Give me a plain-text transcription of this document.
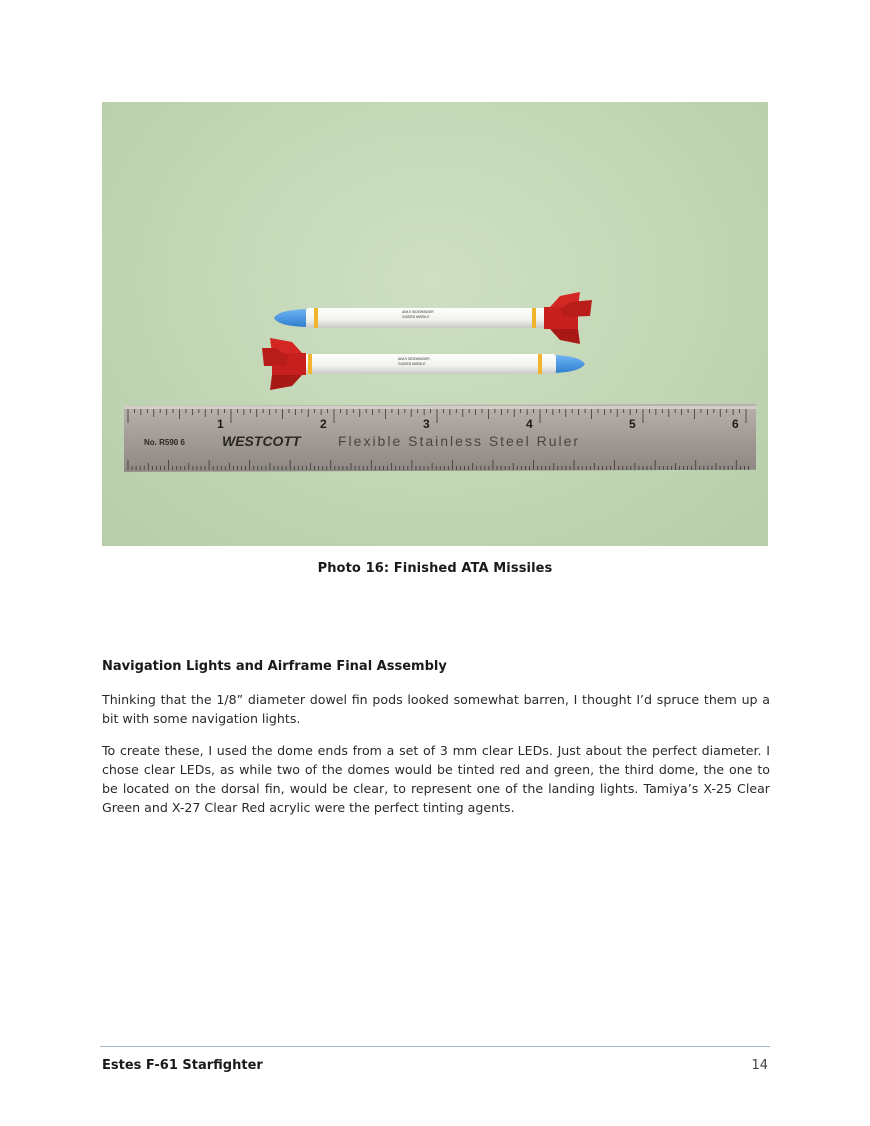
AIM-9 SIDEWINDER
GUIDED MISSILE
AIM-9 SIDEWINDER
GUIDED MISSILE
1	2	3	4	5	6
No. R590 6	WESTCOTT	Flexible Stainless Steel Ruler
Photo 16: Finished ATA Missiles
Navigation Lights and Airframe Final Assembly
Thinking that the 1/8” diameter dowel fin pods looked somewhat barren, I thought I’d spruce them up a bit with some navigation lights.
To create these, I used the dome ends from a set of 3 mm clear LEDs. Just about the perfect diameter. I chose clear LEDs, as while two of the domes would be tinted red and green, the third dome, the one to be located on the dorsal fin, would be clear, to represent one of the landing lights. Tamiya’s X-25 Clear Green and X-27 Clear Red acrylic were the perfect tinting agents.
Estes F-61 Starfighter	14
